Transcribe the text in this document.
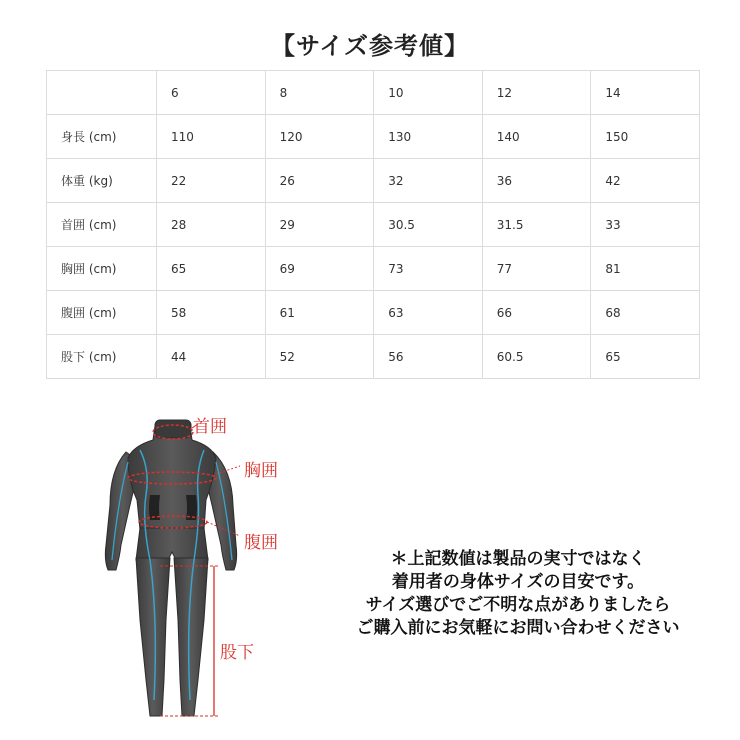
【サイズ参考値】
	6	8	10	12	14
身長 (cm)	110	120	130	140	150
体重 (kg)	22	26	32	36	42
首囲 (cm)	28	29	30.5	31.5	33
胸囲 (cm)	65	69	73	77	81
腹囲 (cm)	58	61	63	66	68
股下 (cm)	44	52	56	60.5	65
首囲
胸囲
腹囲
股下
＊上記数値は製品の実寸ではなく
着用者の身体サイズの目安です。
サイズ選びでご不明な点がありましたら
ご購入前にお気軽にお問い合わせください
